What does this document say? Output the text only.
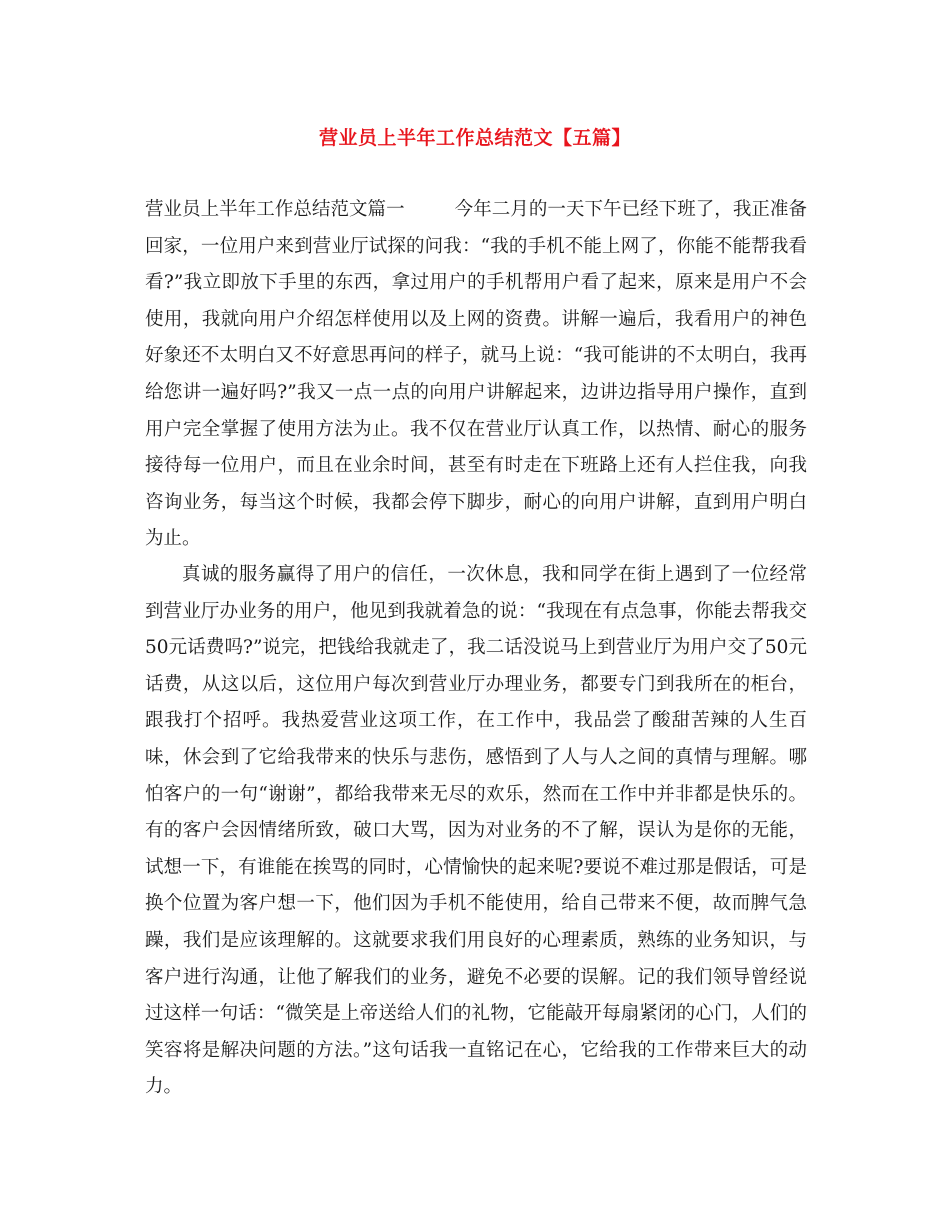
营业员上半年工作总结范文【五篇】

营业员上半年工作总结范文篇一	今年二月的一天下午已经下班了，我正准备回家，一位用户来到营业厅试探的问我：“我的手机不能上网了，你能不能帮我看看?”我立即放下手里的东西，拿过用户的手机帮用户看了起来，原来是用户不会使用，我就向用户介绍怎样使用以及上网的资费。讲解一遍后，我看用户的神色好象还不太明白又不好意思再问的样子，就马上说：“我可能讲的不太明白，我再给您讲一遍好吗?”我又一点一点的向用户讲解起来，边讲边指导用户操作，直到用户完全掌握了使用方法为止。我不仅在营业厅认真工作，以热情、耐心的服务接待每一位用户，而且在业余时间，甚至有时走在下班路上还有人拦住我，向我咨询业务，每当这个时候，我都会停下脚步，耐心的向用户讲解，直到用户明白为止。

真诚的服务赢得了用户的信任，一次休息，我和同学在街上遇到了一位经常到营业厅办业务的用户，他见到我就着急的说：“我现在有点急事，你能去帮我交50元话费吗?”说完，把钱给我就走了，我二话没说马上到营业厅为用户交了50元话费，从这以后，这位用户每次到营业厅办理业务，都要专门到我所在的柜台，跟我打个招呼。我热爱营业这项工作，在工作中，我品尝了酸甜苦辣的人生百味，休会到了它给我带来的快乐与悲伤，感悟到了人与人之间的真情与理解。哪怕客户的一句“谢谢”，都给我带来无尽的欢乐，然而在工作中并非都是快乐的。有的客户会因情绪所致，破口大骂，因为对业务的不了解，误认为是你的无能，试想一下，有谁能在挨骂的同时，心情愉快的起来呢?要说不难过那是假话，可是换个位置为客户想一下，他们因为手机不能使用，给自己带来不便，故而脾气急躁，我们是应该理解的。这就要求我们用良好的心理素质，熟练的业务知识，与客户进行沟通，让他了解我们的业务，避免不必要的误解。记的我们领导曾经说过这样一句话：“微笑是上帝送给人们的礼物，它能敲开每扇紧闭的心门，人们的笑容将是解决问题的方法。”这句话我一直铭记在心，它给我的工作带来巨大的动力。
